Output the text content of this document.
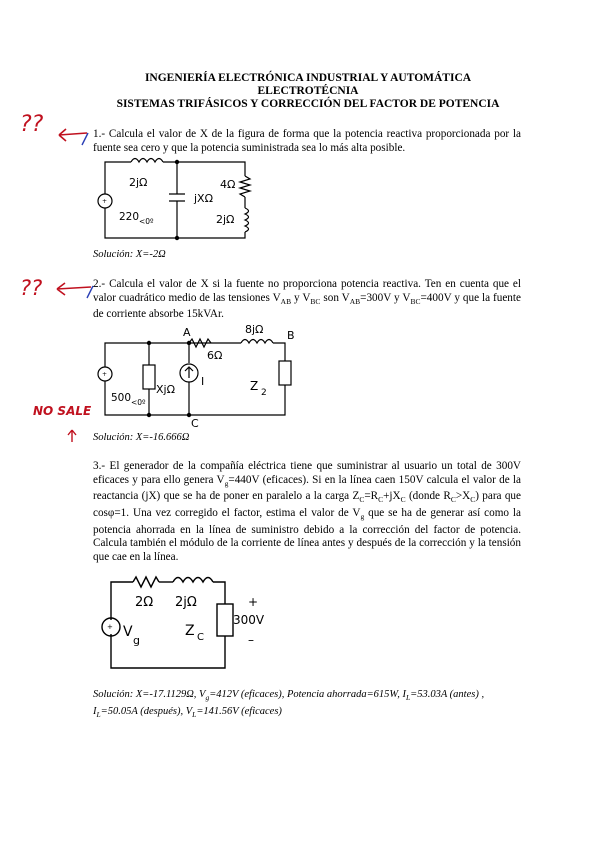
INGENIERÍA ELECTRÓNICA INDUSTRIAL Y AUTOMÁTICA
ELECTROTÉCNIA
SISTEMAS TRIFÁSICOS Y CORRECCIÓN DEL FACTOR DE POTENCIA
??
??
NO SALE
1.- Calcula el valor de X de la figura de forma que la potencia reactiva proporcionada por la fuente sea cero y que la potencia suministrada sea lo más alta posible.
+
2jΩ
jXΩ
4Ω
2jΩ
220 <0º
Solución: X=-2Ω
2.- Calcula el valor de X si la fuente no proporciona potencia reactiva. Ten en cuenta que el valor cuadrático medio de las tensiones $V_{AB}$ y $V_{BC}$ son $V_{AB}=300V$ y $V_{BC}=400V$ y que la fuente de corriente absorbe 15kVAr.
+
A	B
C
8jΩ
6Ω
XjΩ
I	Z 2
500 <0º
Solución: X=-16.666Ω
3.- El generador de la compañía eléctrica tiene que suministrar al usuario un total de 300V eficaces y para ello genera $V_g=440V$ (eficaces). Si en la línea caen 150V calcula el valor de la reactancia (jX) que se ha de poner en paralelo a la carga $Z_C=R_C+jX_C$ (donde $R_C>X_C$) para que cosφ=1. Una vez corregido el factor, estima el valor de $V_g$ que se ha de generar así como la potencia ahorrada en la línea de suministro debido a la corrección del factor de potencia. Calcula también el módulo de la corriente de línea antes y después de la corrección y la tensión que cae en la línea.
+
2Ω 2jΩ
V
g
Z C
+
300V
–
Solución: X=-17.1129Ω, $V_g=412V$ (eficaces), Potencia ahorrada=615W, $I_L=53.03A$ (antes) , $I_L=50.05A$ (después), $V_L=141.56V$ (eficaces)
